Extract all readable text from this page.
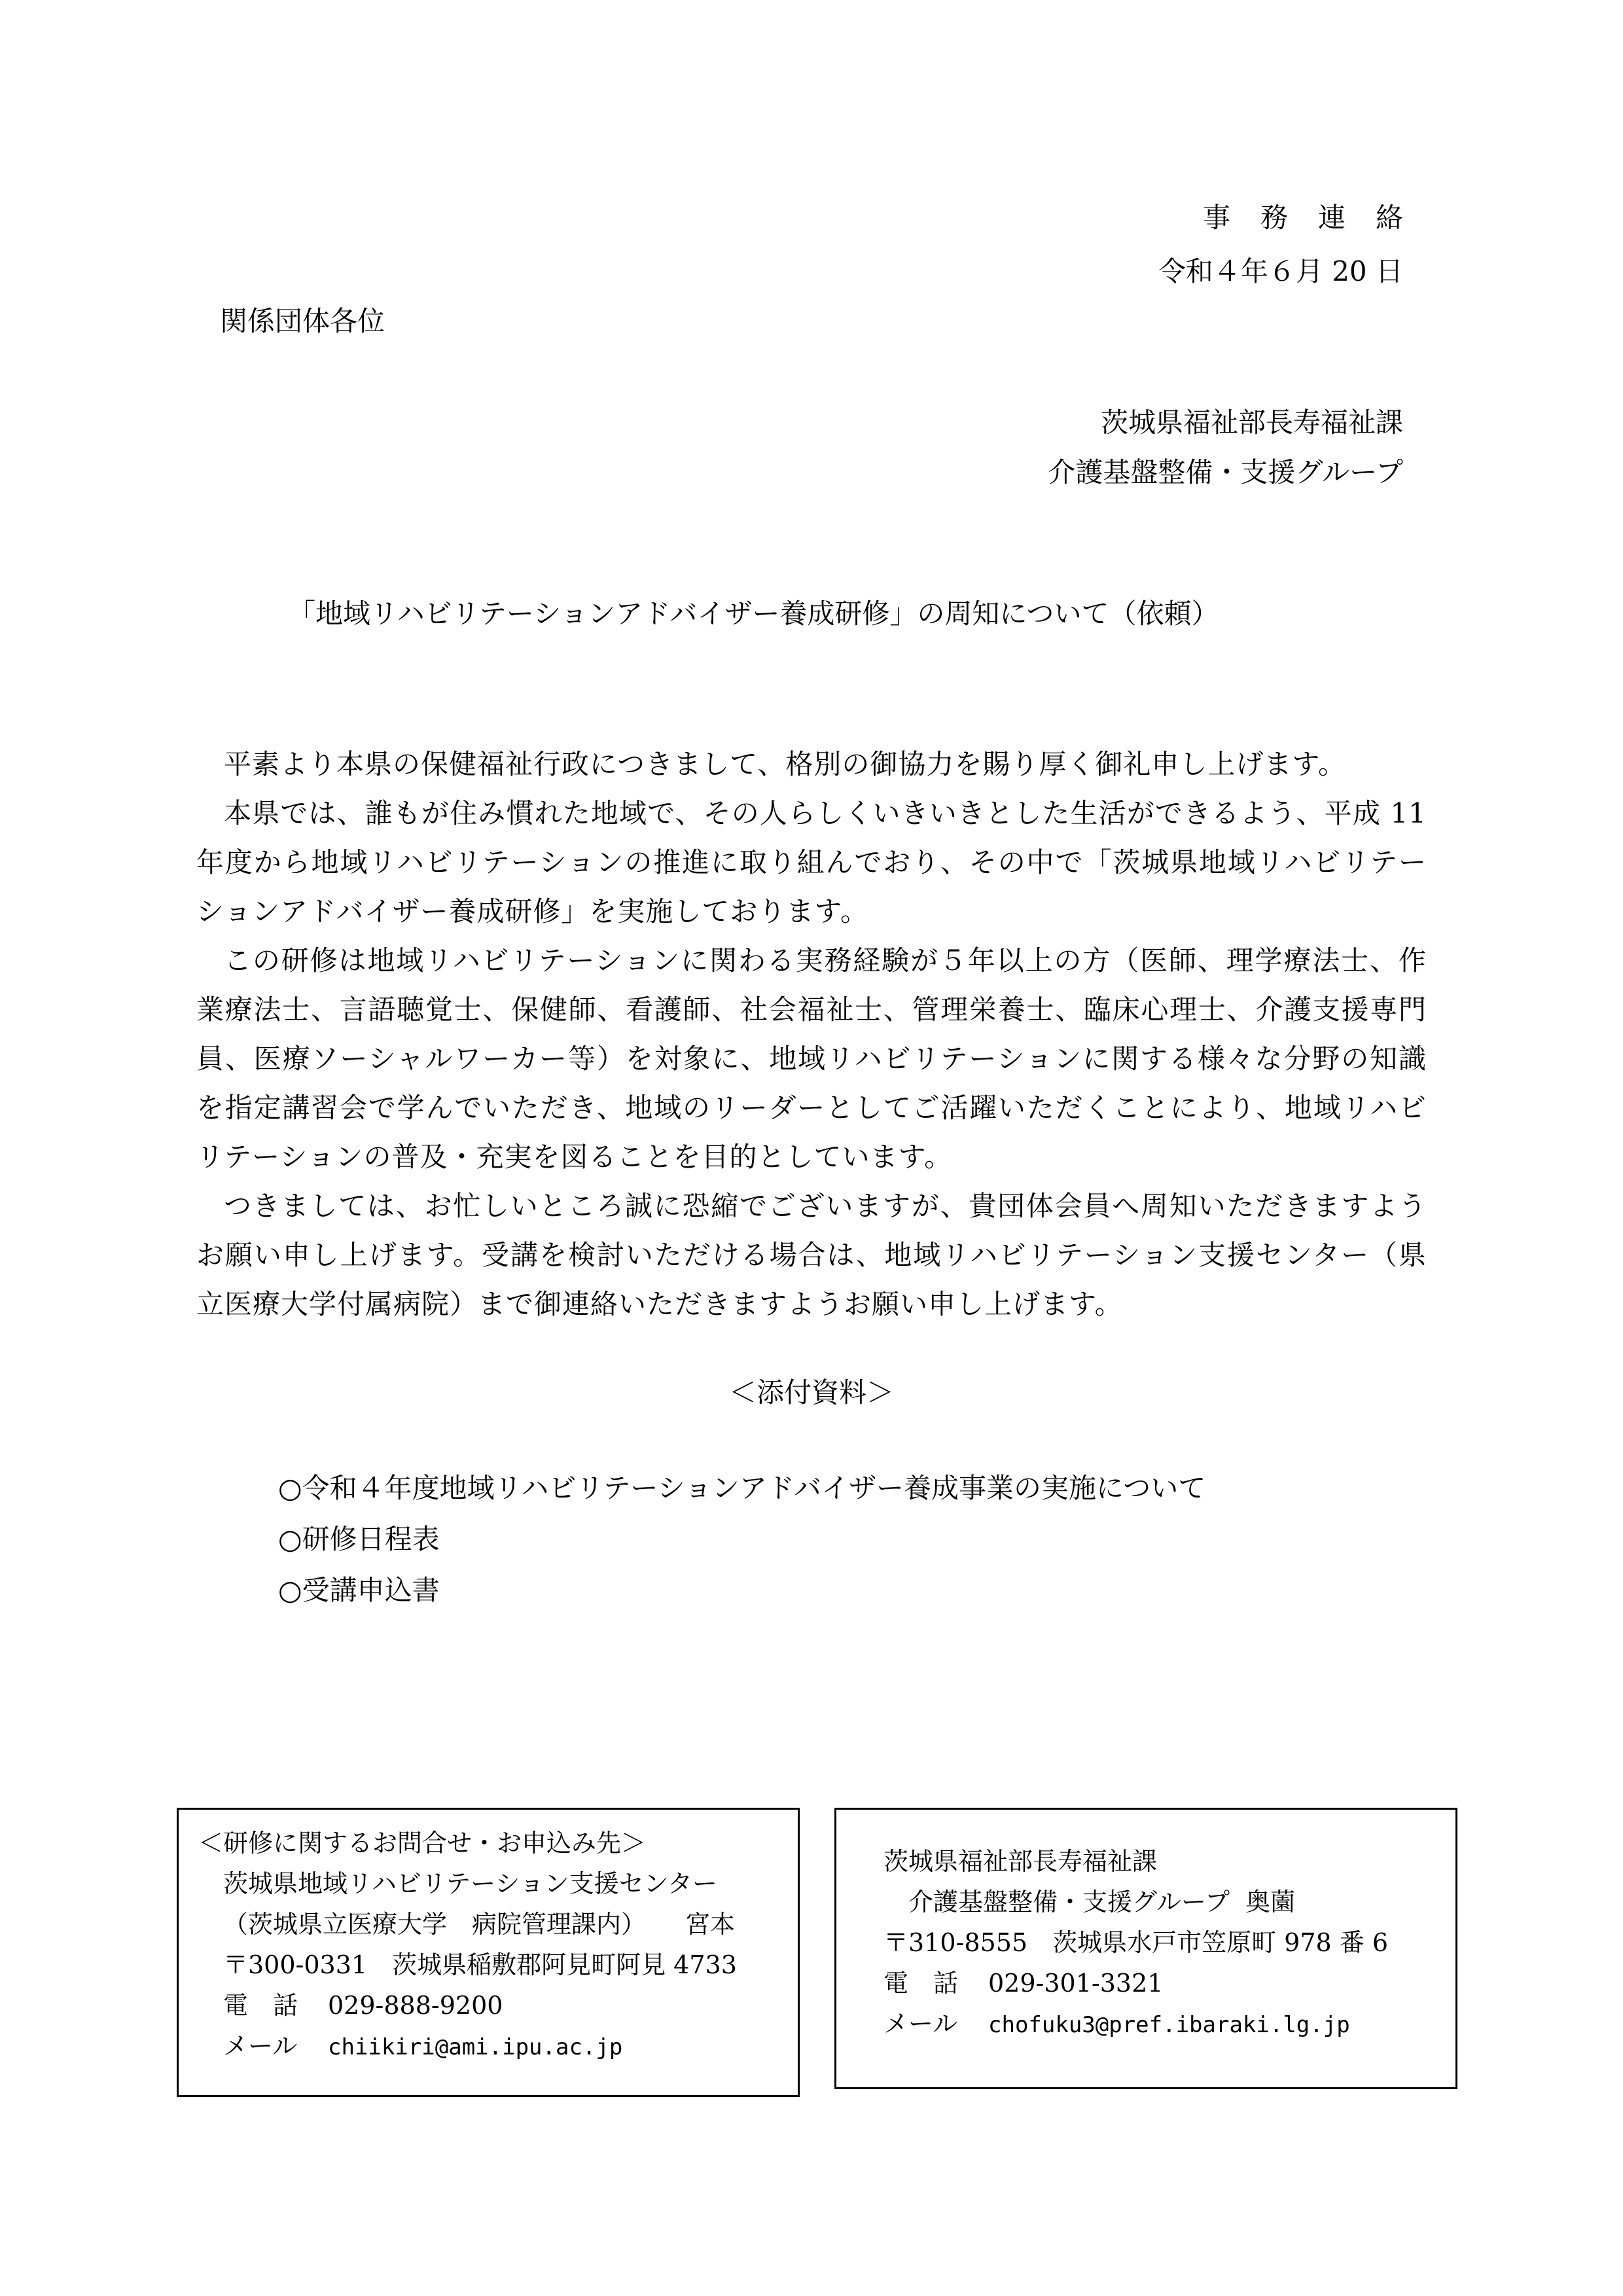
事務連絡
令和４年６月 20 日
関係団体各位
茨城県福祉部長寿福祉課
介護基盤整備・支援グループ
「地域リハビリテーションアドバイザー養成研修」の周知について（依頼）

平素より本県の保健福祉行政につきまして、格別の御協力を賜り厚く御礼申し上げます。

本県では、誰もが住み慣れた地域で、その人らしくいきいきとした生活ができるよう、平成 11 年度から地域リハビリテーションの推進に取り組んでおり、その中で「茨城県地域リハビリテーションアドバイザー養成研修」を実施しております。

この研修は地域リハビリテーションに関わる実務経験が５年以上の方（医師、理学療法士、作業療法士、言語聴覚士、保健師、看護師、社会福祉士、管理栄養士、臨床心理士、介護支援専門員、医療ソーシャルワーカー等）を対象に、地域リハビリテーションに関する様々な分野の知識を指定講習会で学んでいただき、地域のリーダーとしてご活躍いただくことにより、地域リハビリテーションの普及・充実を図ることを目的としています。

つきましては、お忙しいところ誠に恐縮でございますが、貴団体会員へ周知いただきますようお願い申し上げます。受講を検討いただける場合は、地域リハビリテーション支援センター（県立医療大学付属病院）まで御連絡いただきますようお願い申し上げます。

＜添付資料＞
○令和４年度地域リハビリテーションアドバイザー養成事業の実施について
○研修日程表
○受講申込書
＜研修に関するお問合せ・お申込み先＞
茨城県地域リハビリテーション支援センター
（茨城県立医療大学　病院管理課内） 宮本
〒300-0331　茨城県稲敷郡阿見町阿見 4733
電　話 029-888-9200
メール chiikiri@ami.ipu.ac.jp
茨城県福祉部長寿福祉課
介護基盤整備・支援グループ 奥薗
〒310-8555　茨城県水戸市笠原町 978 番 6
電　話 029-301-3321
メール chofuku3@pref.ibaraki.lg.jp
